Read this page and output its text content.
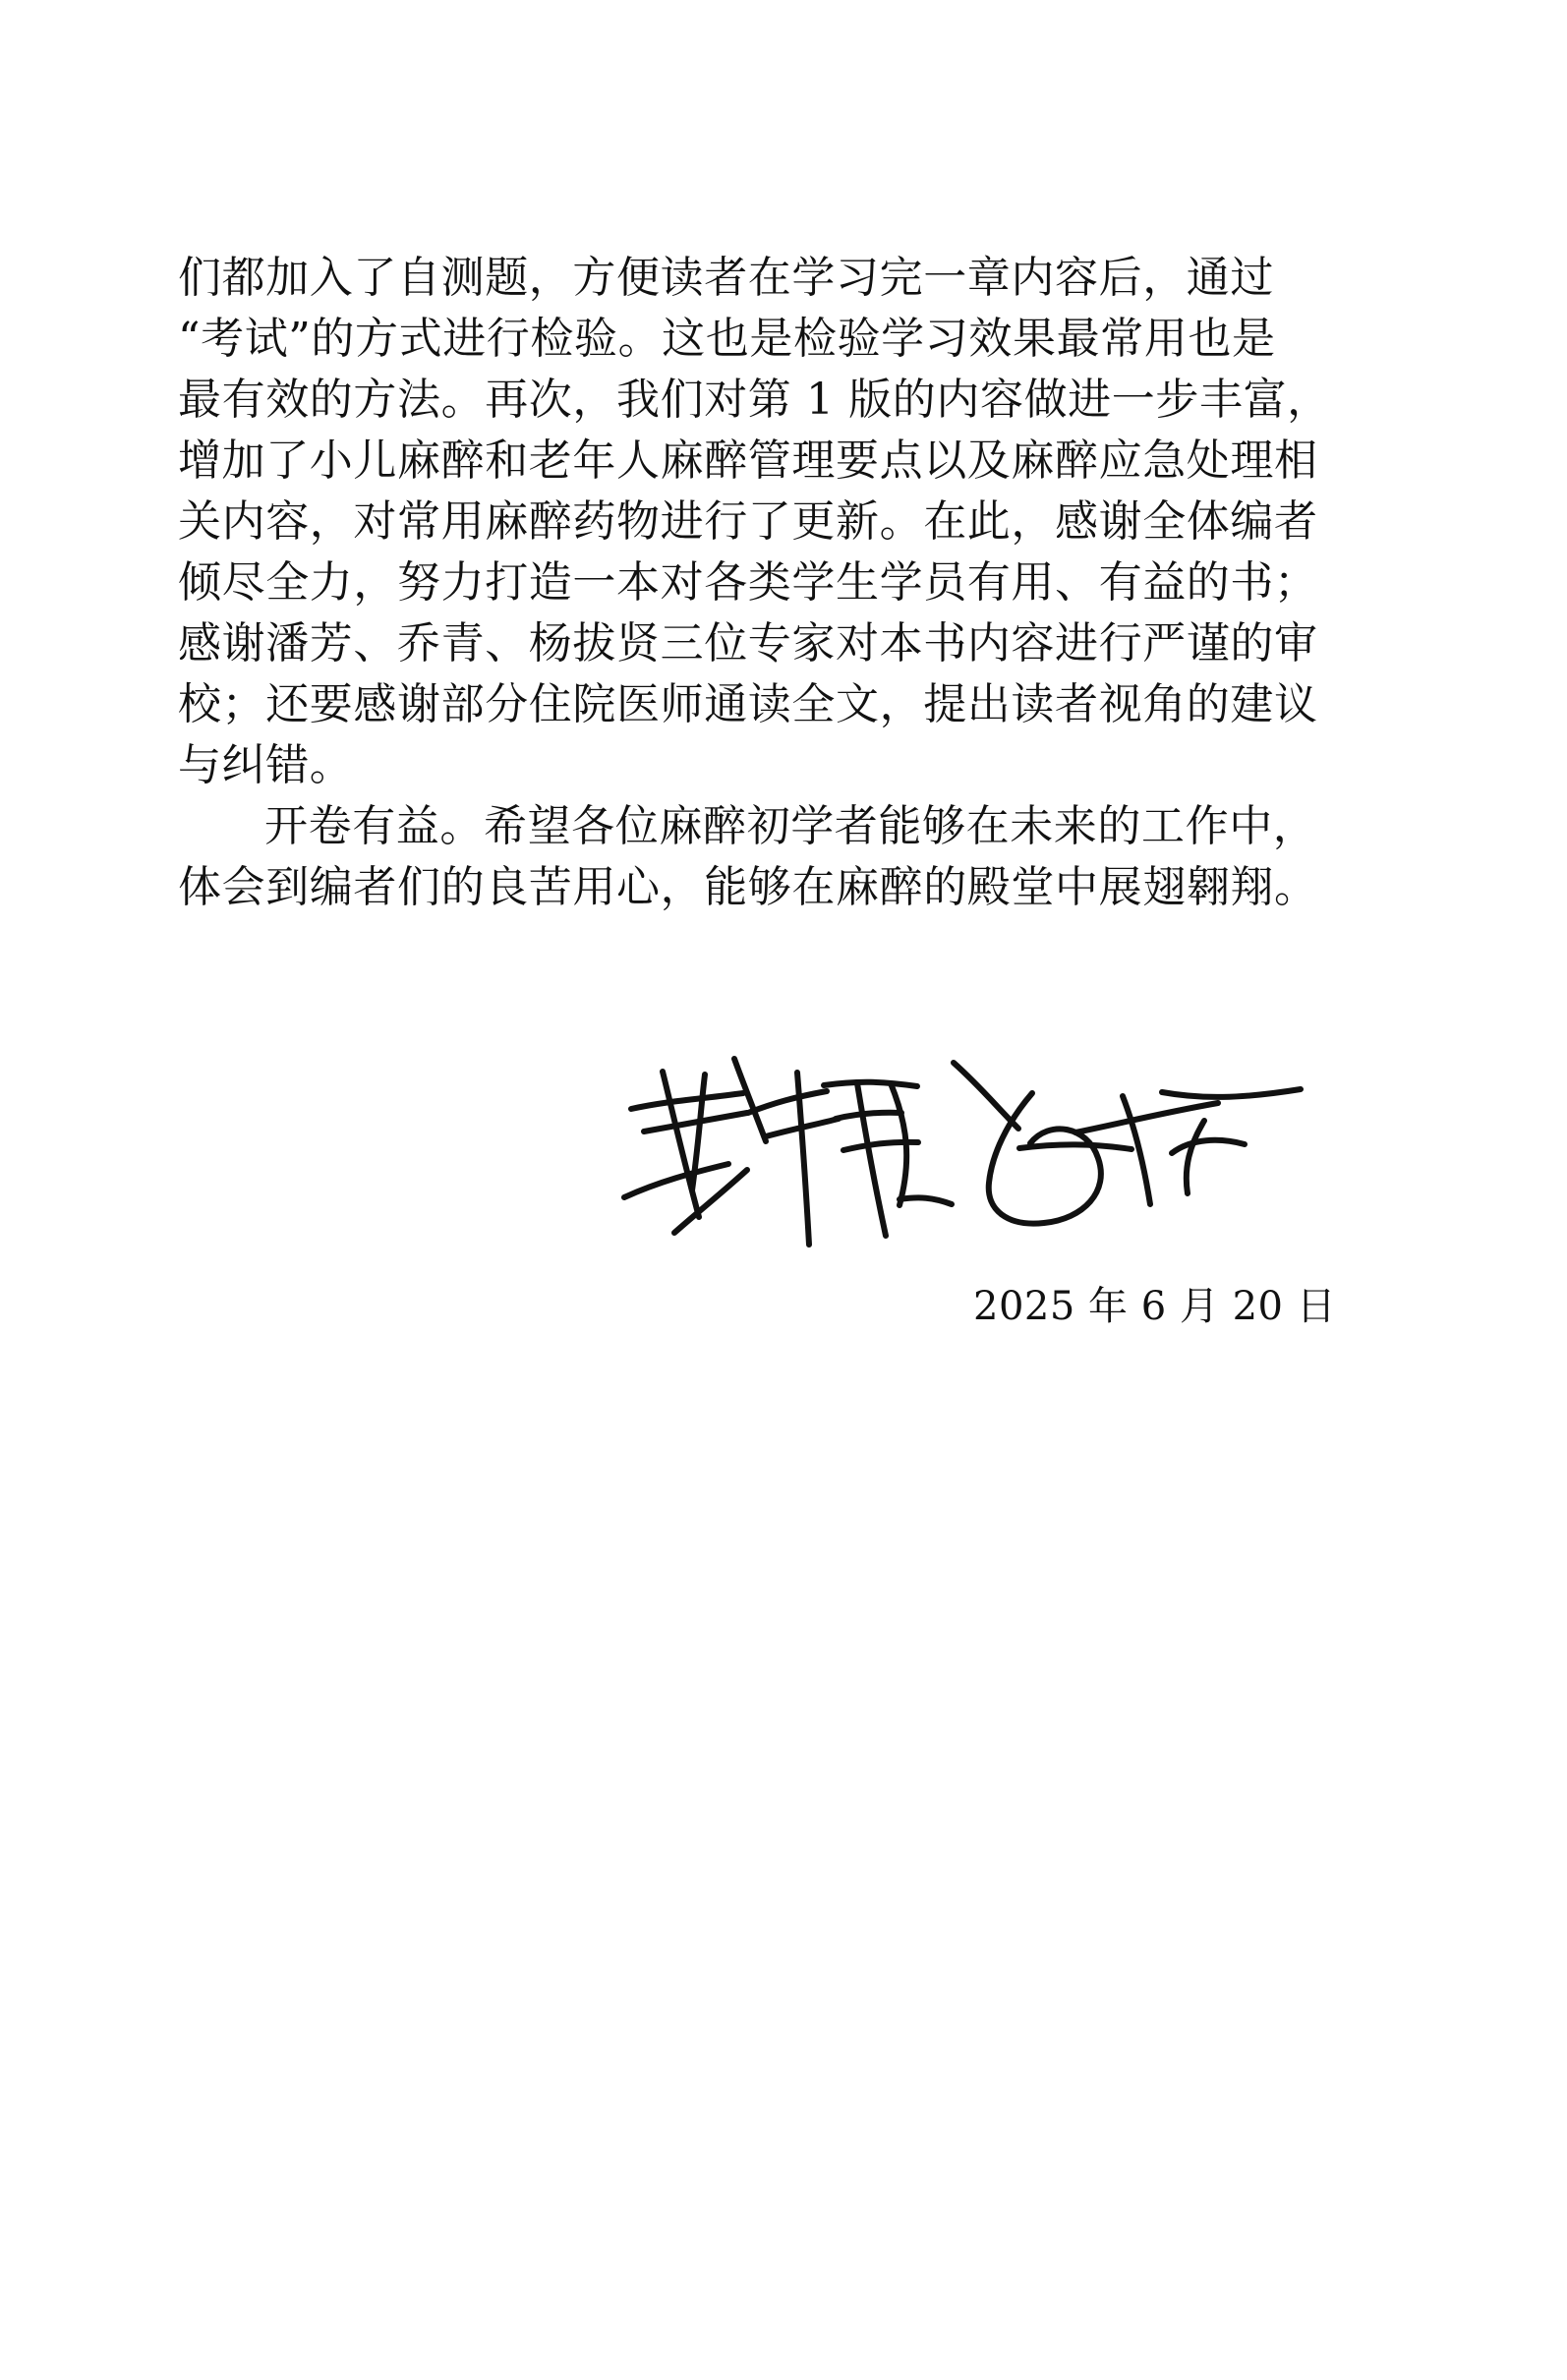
们都加入了自测题，方便读者在学习完一章内容后，通过
“考试”的方式进行检验。这也是检验学习效果最常用也是
最有效的方法。再次，我们对第 1 版的内容做进一步丰富，
增加了小儿麻醉和老年人麻醉管理要点以及麻醉应急处理相
关内容，对常用麻醉药物进行了更新。在此，感谢全体编者
倾尽全力，努力打造一本对各类学生学员有用、有益的书；
感谢潘芳、乔青、杨拔贤三位专家对本书内容进行严谨的审
校；还要感谢部分住院医师通读全文，提出读者视角的建议
与纠错。
开卷有益。希望各位麻醉初学者能够在未来的工作中，
体会到编者们的良苦用心，能够在麻醉的殿堂中展翅翱翔。
2025 年 6 月 20 日
